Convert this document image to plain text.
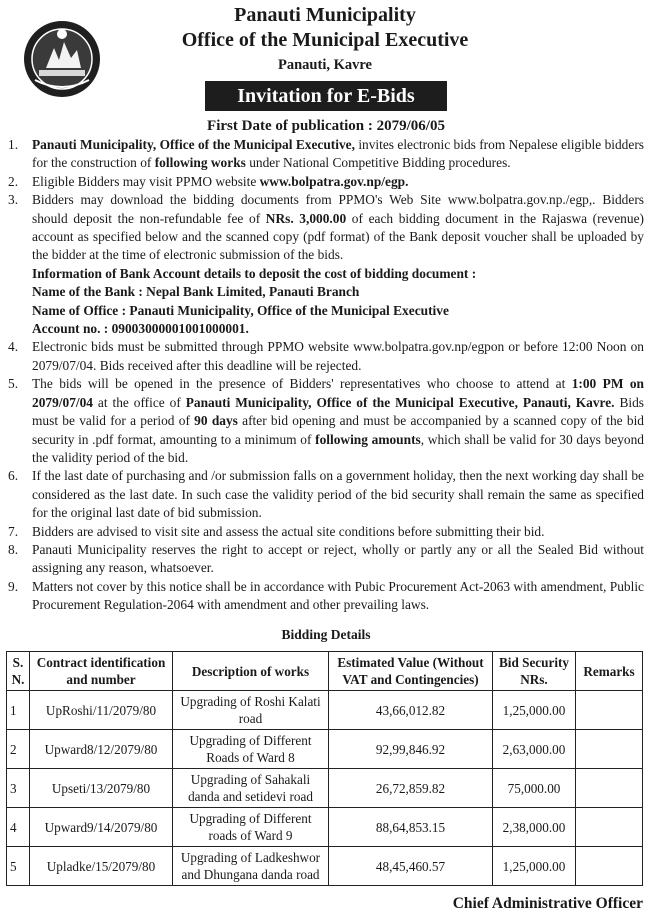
Panauti Municipality
Office of the Municipal Executive
Panauti, Kavre
Invitation for E-Bids
First Date of publication : 2079/06/05
1.	Panauti Municipality, Office of the Municipal Executive, invites electronic bids from Nepalese eligible bidders for the construction of following works under National Competitive Bidding procedures.
2.	Eligible Bidders may visit PPMO website www.bolpatra.gov.np/egp.
3.	Bidders may download the bidding documents from PPMO's Web Site www.bolpatra.gov.np./egp,. Bidders should deposit the non-refundable fee of NRs. 3,000.00 of each bidding document in the Rajaswa (revenue) account as specified below and the scanned copy (pdf format) of the Bank deposit voucher shall be uploaded by the bidder at the time of electronic submission of the bids.
Information of Bank Account details to deposit the cost of bidding document :
Name of the Bank : Nepal Bank Limited, Panauti Branch
Name of Office : Panauti Municipality, Office of the Municipal Executive
Account no. : 09003000001001000001.
4.	Electronic bids must be submitted through PPMO website www.bolpatra.gov.np/egpon or before 12:00 Noon on 2079/07/04. Bids received after this deadline will be rejected.
5.	The bids will be opened in the presence of Bidders' representatives who choose to attend at 1:00 PM on 2079/07/04 at the office of Panauti Municipality, Office of the Municipal Executive, Panauti, Kavre. Bids must be valid for a period of 90 days after bid opening and must be accompanied by a scanned copy of the bid security in .pdf format, amounting to a minimum of following amounts, which shall be valid for 30 days beyond the validity period of the bid.
6.	If the last date of purchasing and /or submission falls on a government holiday, then the next working day shall be considered as the last date. In such case the validity period of the bid security shall remain the same as specified for the original last date of bid submission.
7.	Bidders are advised to visit site and assess the actual site conditions before submitting their bid.
8.	Panauti Municipality reserves the right to accept or reject, wholly or partly any or all the Sealed Bid without assigning any reason, whatsoever.
9.	Matters not cover by this notice shall be in accordance with Pubic Procurement Act-2063 with amendment, Public Procurement Regulation-2064 with amendment and other prevailing laws.
Bidding Details
S. N.	Contract identification and number	Description of works	Estimated Value (Without VAT and Contingencies)	Bid Security NRs.	Remarks
1	UpRoshi/11/2079/80	Upgrading of Roshi Kalati road	43,66,012.82	1,25,000.00	
2	Upward8/12/2079/80	Upgrading of Different Roads of Ward 8	92,99,846.92	2,63,000.00	
3	Upseti/13/2079/80	Upgrading of Sahakali danda and setidevi road	26,72,859.82	75,000.00	
4	Upward9/14/2079/80	Upgrading of Different roads of Ward 9	88,64,853.15	2,38,000.00	
5	Upladke/15/2079/80	Upgrading of Ladkeshwor and Dhungana danda road	48,45,460.57	1,25,000.00	
Chief Administrative Officer
